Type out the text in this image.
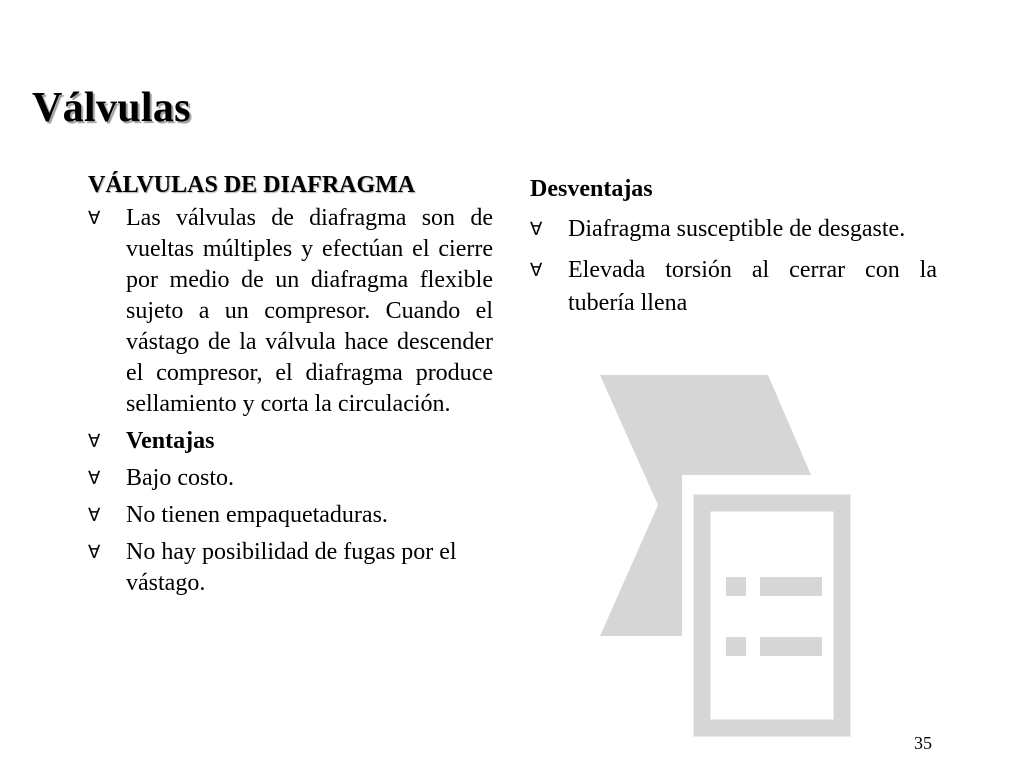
Válvulas
VÁLVULAS DE DIAFRAGMA
∀ Las válvulas de diafragma son de vueltas múltiples y efectúan el cierre por medio de un diafragma flexible sujeto a un compresor. Cuando el vástago de la válvula hace descender el compresor, el diafragma produce sellamiento y corta la circulación.
∀ Ventajas
∀ Bajo costo.
∀ No tienen empaquetaduras.
∀ No hay posibilidad de fugas por el vástago.
Desventajas
∀ Diafragma susceptible de desgaste.
∀ Elevada torsión al cerrar con la tubería llena
35
